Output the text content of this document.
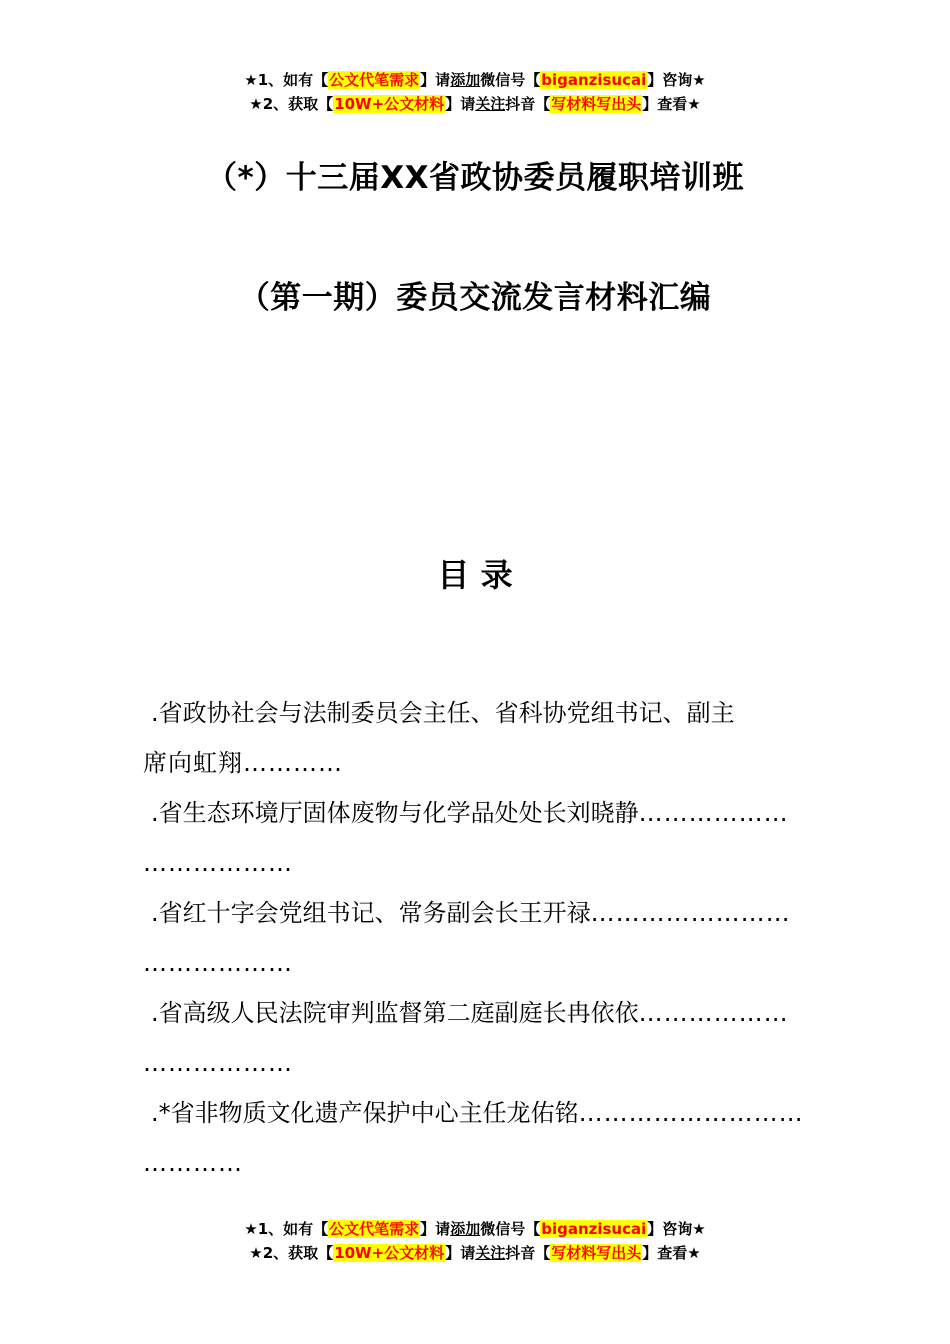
★1、如有【公文代笔需求】请添加微信号【biganzisucai】咨询★
★2、获取【10W+公文材料】请关注抖音【写材料写出头】查看★
（*）十三届XX省政协委员履职培训班
（第一期）委员交流发言材料汇编
目 录
.省政协社会与法制委员会主任、省科协党组书记、副主
席向虹翔…………
.省生态环境厅固体废物与化学品处处长刘晓静………………
………………
.省红十字会党组书记、常务副会长王开禄……………………
………………
.省高级人民法院审判监督第二庭副庭长冉依依………………
………………
.*省非物质文化遗产保护中心主任龙佑铭………………………
…………
★1、如有【公文代笔需求】请添加微信号【biganzisucai】咨询★
★2、获取【10W+公文材料】请关注抖音【写材料写出头】查看★
